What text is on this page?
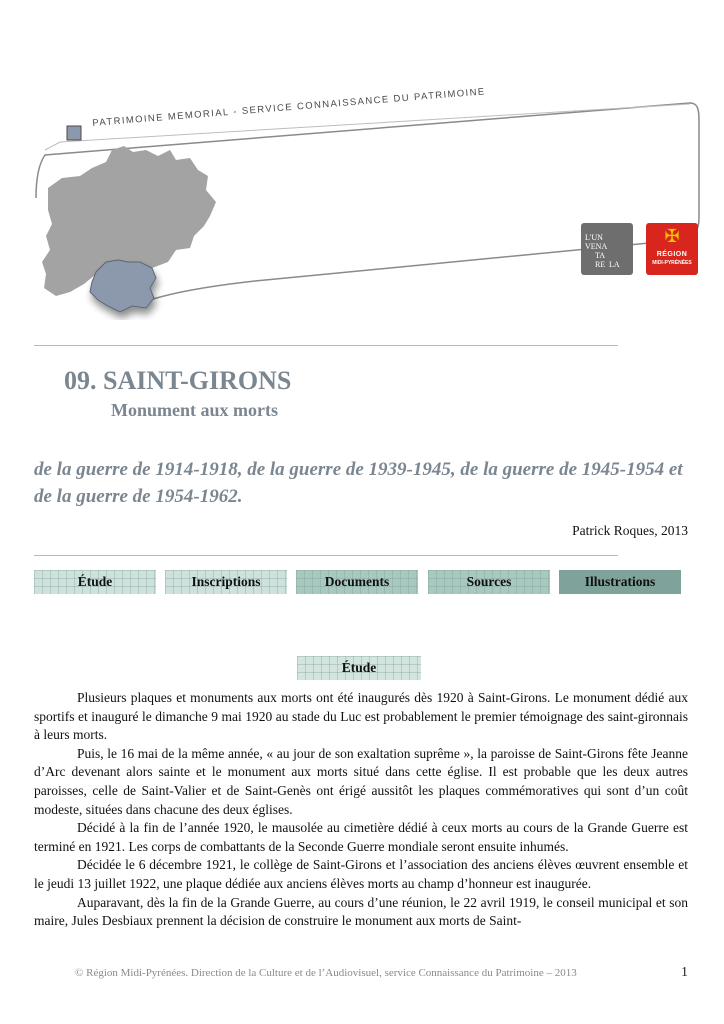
PATRIMOINE MEMORIAL - SERVICE CONNAISSANCE DU PATRIMOINE
L'UN
VENA
TA
RE LA
✠
RÉGION
MIDI-PYRÉNÉES
09. SAINT-GIRONS
Monument aux morts
de la guerre de 1914-1918, de la guerre de 1939-1945, de la guerre de 1945-1954 et de la guerre de 1954-1962.
Patrick Roques, 2013
Étude	Inscriptions	Documents	Sources	Illustrations
Étude

Plusieurs plaques et monuments aux morts ont été inaugurés dès 1920 à Saint-Girons. Le monument dédié aux sportifs et inauguré le dimanche 9 mai 1920 au stade du Luc est probablement le premier témoignage des saint-gironnais à leurs morts.

Puis, le 16 mai de la même année, « au jour de son exaltation suprême », la paroisse de Saint-Girons fête Jeanne d’Arc devenant alors sainte et le monument aux morts situé dans cette église. Il est probable que les deux autres paroisses, celle de Saint-Valier et de Saint-Genès ont érigé aussitôt les plaques commémoratives qui sont d’un coût modeste, situées dans chacune des deux églises.

Décidé à la fin de l’année 1920, le mausolée au cimetière dédié à ceux morts au cours de la Grande Guerre est terminé en 1921. Les corps de combattants de la Seconde Guerre mondiale seront ensuite inhumés.

Décidée le 6 décembre 1921, le collège de Saint-Girons et l’association des anciens élèves œuvrent ensemble et le jeudi 13 juillet 1922, une plaque dédiée aux anciens élèves morts au champ d’honneur est inaugurée.

Auparavant, dès la fin de la Grande Guerre, au cours d’une réunion, le 22 avril 1919, le conseil municipal et son maire, Jules Desbiaux prennent la décision de construire le monument aux morts de Saint-

© Région Midi-Pyrénées. Direction de la Culture et de l’Audiovisuel, service Connaissance du Patrimoine – 2013	1
